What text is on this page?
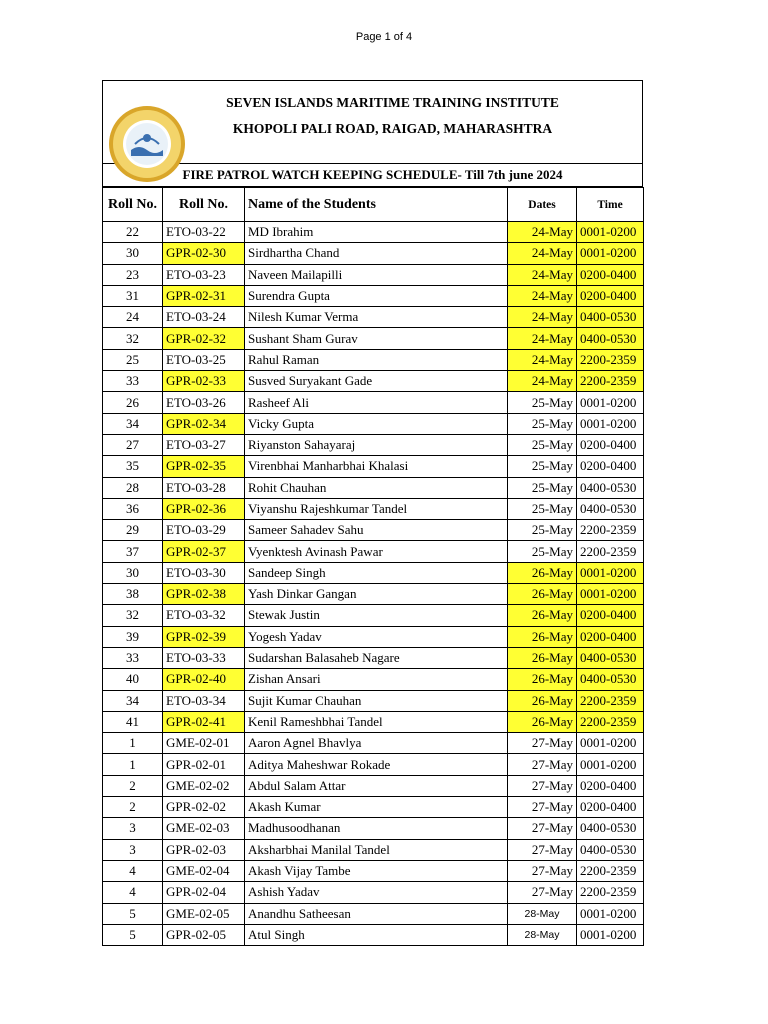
Page 1 of 4
SEVEN ISLANDS MARITIME TRAINING INSTITUTE
KHOPOLI PALI ROAD, RAIGAD, MAHARASHTRA
FIRE PATROL WATCH KEEPING SCHEDULE- Till 7th june 2024
Roll No.	Roll No.	Name of the Students	Dates	Time
22	ETO-03-22	MD Ibrahim	24-May	0001-0200
30	GPR-02-30	Sirdhartha Chand	24-May	0001-0200
23	ETO-03-23	Naveen Mailapilli	24-May	0200-0400
31	GPR-02-31	Surendra Gupta	24-May	0200-0400
24	ETO-03-24	Nilesh Kumar Verma	24-May	0400-0530
32	GPR-02-32	Sushant Sham Gurav	24-May	0400-0530
25	ETO-03-25	Rahul Raman	24-May	2200-2359
33	GPR-02-33	Susved Suryakant Gade	24-May	2200-2359
26	ETO-03-26	Rasheef Ali	25-May	0001-0200
34	GPR-02-34	Vicky Gupta	25-May	0001-0200
27	ETO-03-27	Riyanston Sahayaraj	25-May	0200-0400
35	GPR-02-35	Virenbhai Manharbhai Khalasi	25-May	0200-0400
28	ETO-03-28	Rohit Chauhan	25-May	0400-0530
36	GPR-02-36	Viyanshu Rajeshkumar Tandel	25-May	0400-0530
29	ETO-03-29	Sameer Sahadev Sahu	25-May	2200-2359
37	GPR-02-37	Vyenktesh Avinash Pawar	25-May	2200-2359
30	ETO-03-30	Sandeep Singh	26-May	0001-0200
38	GPR-02-38	Yash Dinkar Gangan	26-May	0001-0200
32	ETO-03-32	Stewak Justin	26-May	0200-0400
39	GPR-02-39	Yogesh Yadav	26-May	0200-0400
33	ETO-03-33	Sudarshan Balasaheb Nagare	26-May	0400-0530
40	GPR-02-40	Zishan Ansari	26-May	0400-0530
34	ETO-03-34	Sujit Kumar Chauhan	26-May	2200-2359
41	GPR-02-41	Kenil Rameshbhai Tandel	26-May	2200-2359
1	GME-02-01	Aaron Agnel Bhavlya	27-May	0001-0200
1	GPR-02-01	Aditya Maheshwar Rokade	27-May	0001-0200
2	GME-02-02	Abdul Salam Attar	27-May	0200-0400
2	GPR-02-02	Akash Kumar	27-May	0200-0400
3	GME-02-03	Madhusoodhanan	27-May	0400-0530
3	GPR-02-03	Aksharbhai Manilal Tandel	27-May	0400-0530
4	GME-02-04	Akash Vijay Tambe	27-May	2200-2359
4	GPR-02-04	Ashish Yadav	27-May	2200-2359
5	GME-02-05	Anandhu Satheesan	28-May	0001-0200
5	GPR-02-05	Atul Singh	28-May	0001-0200
